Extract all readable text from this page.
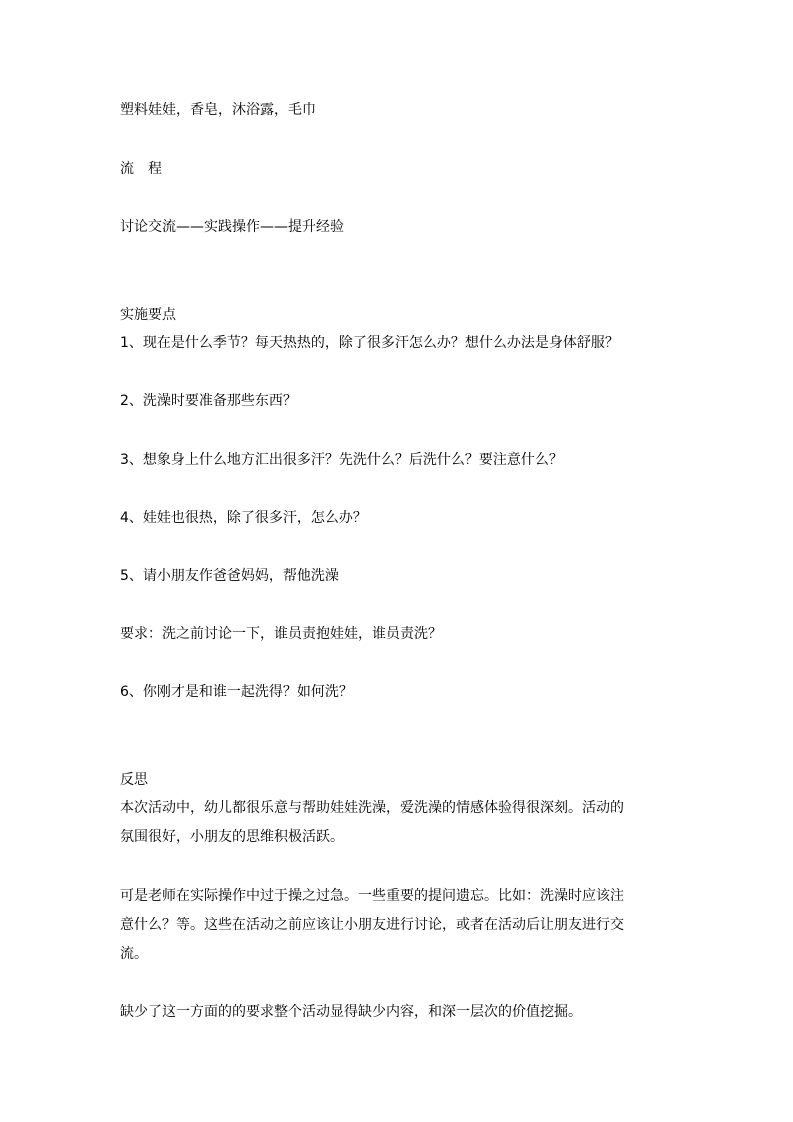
塑料娃娃，香皂，沐浴露，毛巾
流　程
讨论交流——实践操作——提升经验
实施要点
1、现在是什么季节？每天热热的，除了很多汗怎么办？想什么办法是身体舒服？
2、洗澡时要准备那些东西？
3、想象身上什么地方汇出很多汗？先洗什么？后洗什么？要注意什么？
4、娃娃也很热，除了很多汗，怎么办？
5、请小朋友作爸爸妈妈，帮他洗澡
要求：洗之前讨论一下，谁员责抱娃娃，谁员责洗？
6、你刚才是和谁一起洗得？如何洗？
反思
本次活动中，幼儿都很乐意与帮助娃娃洗澡，爱洗澡的情感体验得很深刻。活动的
氛围很好，小朋友的思维积极活跃。
可是老师在实际操作中过于操之过急。一些重要的提问遗忘。比如：洗澡时应该注
意什么？等。这些在活动之前应该让小朋友进行讨论，或者在活动后让朋友进行交
流。
缺少了这一方面的的要求整个活动显得缺少内容，和深一层次的价值挖掘。
